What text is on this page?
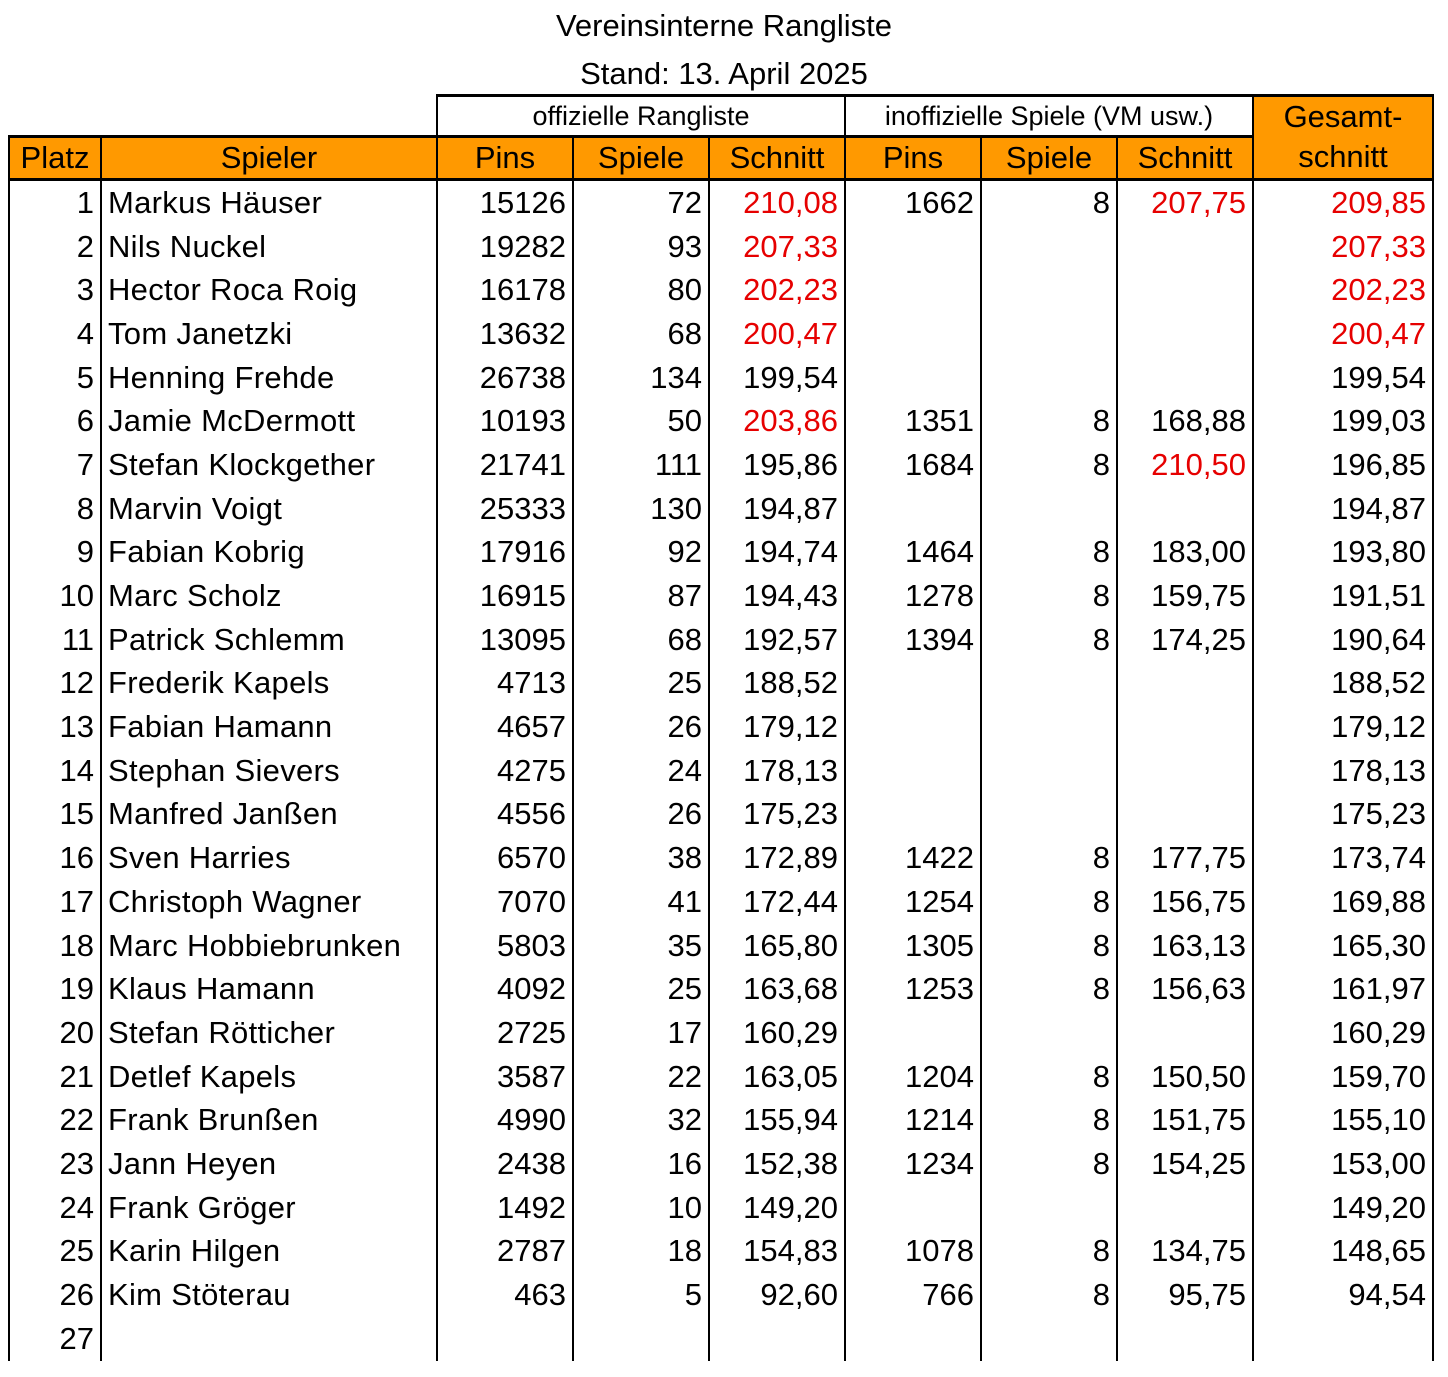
Vereinsinterne Rangliste
Stand: 13. April 2025
		offizielle Rangliste			inoffizielle Spiele (VM usw.)			Gesamt-
Platz	Spieler	Pins	Spiele	Schnitt	Pins	Spiele	Schnitt	schnitt
1	Markus Häuser	15126	72	210,08	1662	8	207,75	209,85
2	Nils Nuckel	19282	93	207,33				207,33
3	Hector Roca Roig	16178	80	202,23				202,23
4	Tom Janetzki	13632	68	200,47				200,47
5	Henning Frehde	26738	134	199,54				199,54
6	Jamie McDermott	10193	50	203,86	1351	8	168,88	199,03
7	Stefan Klockgether	21741	111	195,86	1684	8	210,50	196,85
8	Marvin Voigt	25333	130	194,87				194,87
9	Fabian Kobrig	17916	92	194,74	1464	8	183,00	193,80
10	Marc Scholz	16915	87	194,43	1278	8	159,75	191,51
11	Patrick Schlemm	13095	68	192,57	1394	8	174,25	190,64
12	Frederik Kapels	4713	25	188,52				188,52
13	Fabian Hamann	4657	26	179,12				179,12
14	Stephan Sievers	4275	24	178,13				178,13
15	Manfred Janßen	4556	26	175,23				175,23
16	Sven Harries	6570	38	172,89	1422	8	177,75	173,74
17	Christoph Wagner	7070	41	172,44	1254	8	156,75	169,88
18	Marc Hobbiebrunken	5803	35	165,80	1305	8	163,13	165,30
19	Klaus Hamann	4092	25	163,68	1253	8	156,63	161,97
20	Stefan Rötticher	2725	17	160,29				160,29
21	Detlef Kapels	3587	22	163,05	1204	8	150,50	159,70
22	Frank Brunßen	4990	32	155,94	1214	8	151,75	155,10
23	Jann Heyen	2438	16	152,38	1234	8	154,25	153,00
24	Frank Gröger	1492	10	149,20				149,20
25	Karin Hilgen	2787	18	154,83	1078	8	134,75	148,65
26	Kim Stöterau	463	5	92,60	766	8	95,75	94,54
27								
